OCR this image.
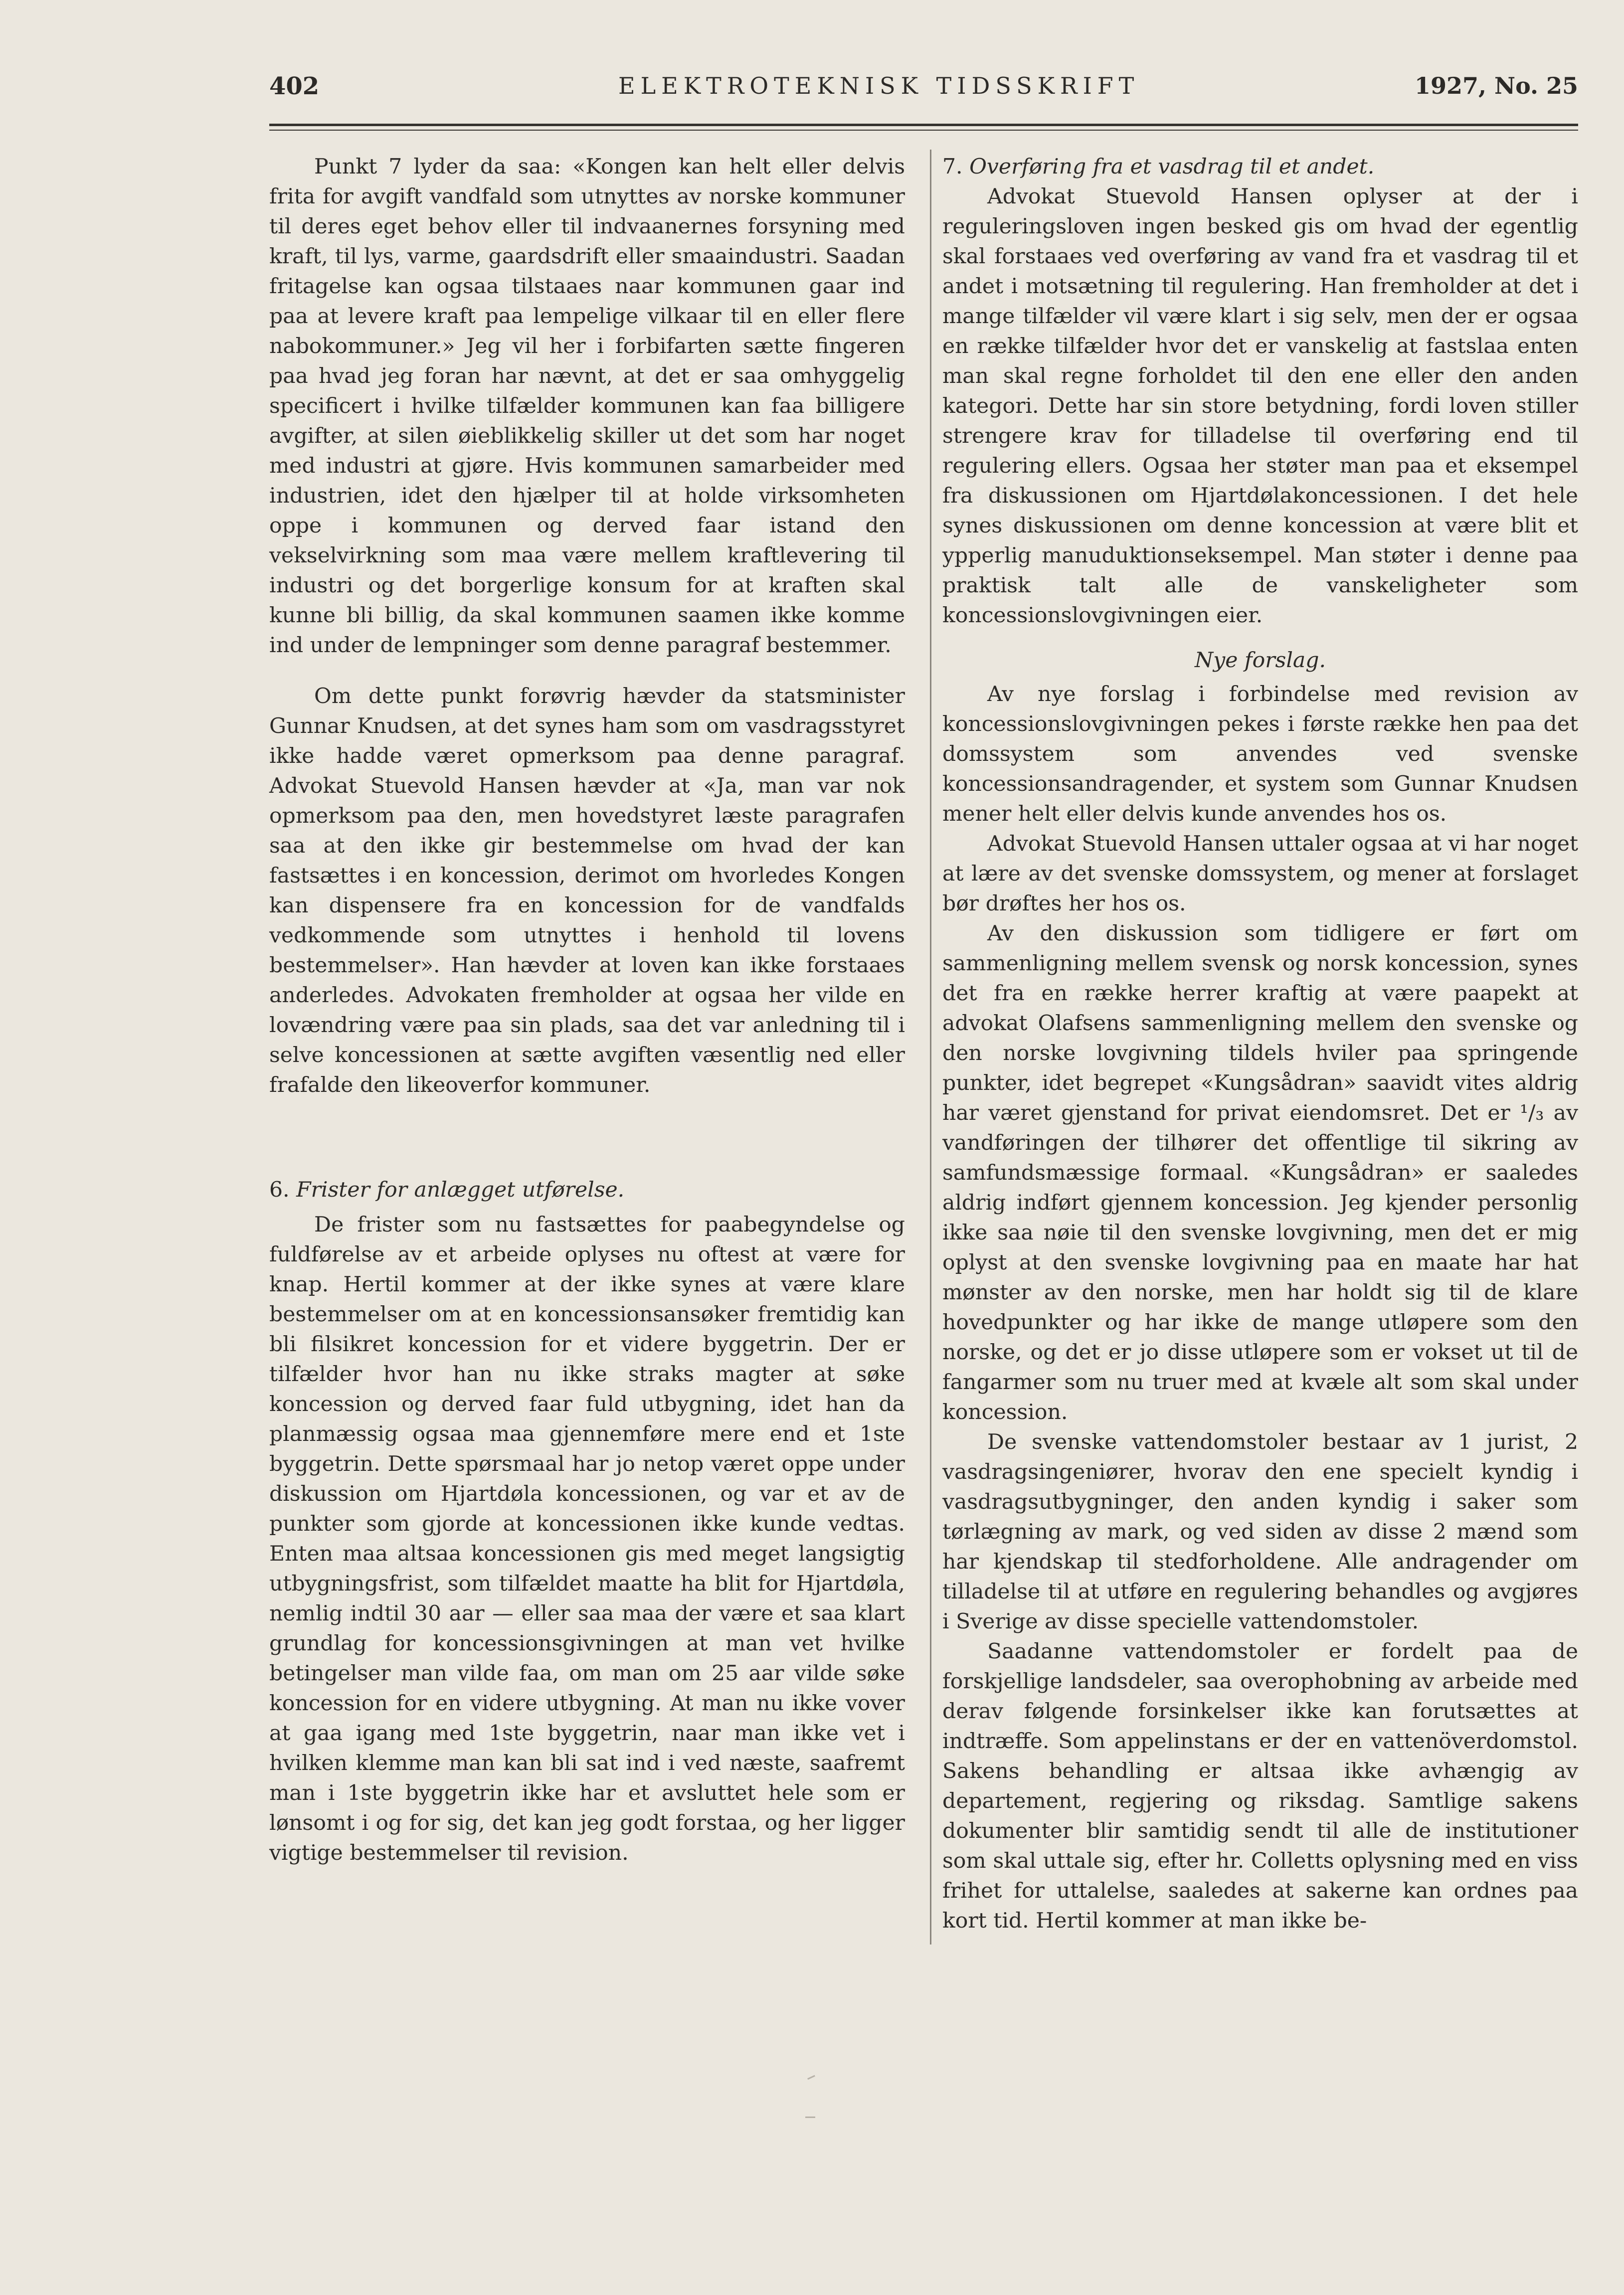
402	ELEKTROTEKNISK TIDSSKRIFT	1927, No. 25

Punkt 7 lyder da saa: «Kongen kan helt eller delvis frita for avgift vandfald som utnyttes av norske kommuner til deres eget behov eller til indvaanernes forsyning med kraft, til lys, varme, gaardsdrift eller smaaindustri. Saadan fritagelse kan ogsaa tilstaaes naar kommunen gaar ind paa at levere kraft paa lempelige vilkaar til en eller flere nabokommuner.» Jeg vil her i forbifarten sætte fingeren paa hvad jeg foran har nævnt, at det er saa omhyggelig specificert i hvilke tilfælder kommunen kan faa billigere avgifter, at silen øieblikkelig skiller ut det som har noget med industri at gjøre. Hvis kommunen samarbeider med industrien, idet den hjælper til at holde virksomheten oppe i kommunen og derved faar istand den vekselvirkning som maa være mellem kraftlevering til industri og det borgerlige konsum for at kraften skal kunne bli billig, da skal kommunen saamen ikke komme ind under de lempninger som denne paragraf bestemmer.

Om dette punkt forøvrig hævder da statsminister Gunnar Knudsen, at det synes ham som om vasdragsstyret ikke hadde været opmerksom paa denne paragraf. Advokat Stuevold Hansen hævder at «Ja, man var nok opmerksom paa den, men hovedstyret læste paragrafen saa at den ikke gir bestemmelse om hvad der kan fastsættes i en koncession, derimot om hvorledes Kongen kan dispensere fra en koncession for de vandfalds vedkommende som utnyttes i henhold til lovens bestemmelser». Han hævder at loven kan ikke forstaaes anderledes. Advokaten fremholder at ogsaa her vilde en lovændring være paa sin plads, saa det var anledning til i selve koncessionen at sætte avgiften væsentlig ned eller frafalde den likeoverfor kommuner.

6. Frister for anlægget utførelse.

De frister som nu fastsættes for paabegyndelse og fuldførelse av et arbeide oplyses nu oftest at være for knap. Hertil kommer at der ikke synes at være klare bestemmelser om at en koncessionsansøker fremtidig kan bli filsikret koncession for et videre byggetrin. Der er tilfælder hvor han nu ikke straks magter at søke koncession og derved faar fuld utbygning, idet han da planmæssig ogsaa maa gjennemføre mere end et 1ste byggetrin. Dette spørsmaal har jo netop været oppe under diskussion om Hjartdøla koncessionen, og var et av de punkter som gjorde at koncessionen ikke kunde vedtas. Enten maa altsaa koncessionen gis med meget langsigtig utbygningsfrist, som tilfældet maatte ha blit for Hjartdøla, nemlig indtil 30 aar — eller saa maa der være et saa klart grundlag for koncessionsgivningen at man vet hvilke betingelser man vilde faa, om man om 25 aar vilde søke koncession for en videre utbygning. At man nu ikke vover at gaa igang med 1ste byggetrin, naar man ikke vet i hvilken klemme man kan bli sat ind i ved næste, saafremt man i 1ste byggetrin ikke har et avsluttet hele som er lønsomt i og for sig, det kan jeg godt forstaa, og her ligger vigtige bestemmelser til revision.

7. Overføring fra et vasdrag til et andet.

Advokat Stuevold Hansen oplyser at der i reguleringsloven ingen besked gis om hvad der egentlig skal forstaaes ved overføring av vand fra et vasdrag til et andet i motsætning til regulering. Han fremholder at det i mange tilfælder vil være klart i sig selv, men der er ogsaa en række tilfælder hvor det er vanskelig at fastslaa enten man skal regne forholdet til den ene eller den anden kategori. Dette har sin store betydning, fordi loven stiller strengere krav for tilladelse til overføring end til regulering ellers. Ogsaa her støter man paa et eksempel fra diskussionen om Hjartdølakoncessionen. I det hele synes diskussionen om denne koncession at være blit et ypperlig manuduktionseksempel. Man støter i denne paa praktisk talt alle de vanskeligheter som koncessionslovgivningen eier.

Nye forslag.

Av nye forslag i forbindelse med revision av koncessionslovgivningen pekes i første række hen paa det domssystem som anvendes ved svenske koncessionsandragender, et system som Gunnar Knudsen mener helt eller delvis kunde anvendes hos os.

Advokat Stuevold Hansen uttaler ogsaa at vi har noget at lære av det svenske domssystem, og mener at forslaget bør drøftes her hos os.

Av den diskussion som tidligere er ført om sammenligning mellem svensk og norsk koncession, synes det fra en række herrer kraftig at være paapekt at advokat Olafsens sammenligning mellem den svenske og den norske lovgivning tildels hviler paa springende punkter, idet begrepet «Kungsådran» saavidt vites aldrig har været gjenstand for privat eiendomsret. Det er ¹/₃ av vandføringen der tilhører det offentlige til sikring av samfundsmæssige formaal. «Kungsådran» er saaledes aldrig indført gjennem koncession. Jeg kjender personlig ikke saa nøie til den svenske lovgivning, men det er mig oplyst at den svenske lovgivning paa en maate har hat mønster av den norske, men har holdt sig til de klare hovedpunkter og har ikke de mange utløpere som den norske, og det er jo disse utløpere som er vokset ut til de fangarmer som nu truer med at kvæle alt som skal under koncession.

De svenske vattendomstoler bestaar av 1 jurist, 2 vasdragsingeniører, hvorav den ene specielt kyndig i vasdragsutbygninger, den anden kyndig i saker som tørlægning av mark, og ved siden av disse 2 mænd som har kjendskap til stedforholdene. Alle andragender om tilladelse til at utføre en regulering behandles og avgjøres i Sverige av disse specielle vattendomstoler.

Saadanne vattendomstoler er fordelt paa de forskjellige landsdeler, saa overophobning av arbeide med derav følgende forsinkelser ikke kan forutsættes at indtræffe. Som appelinstans er der en vattenöverdomstol. Sakens behandling er altsaa ikke avhængig av departement, regjering og riksdag. Samtlige sakens dokumenter blir samtidig sendt til alle de institutioner som skal uttale sig, efter hr. Colletts oplysning med en viss frihet for uttalelse, saaledes at sakerne kan ordnes paa kort tid. Hertil kommer at man ikke be-
